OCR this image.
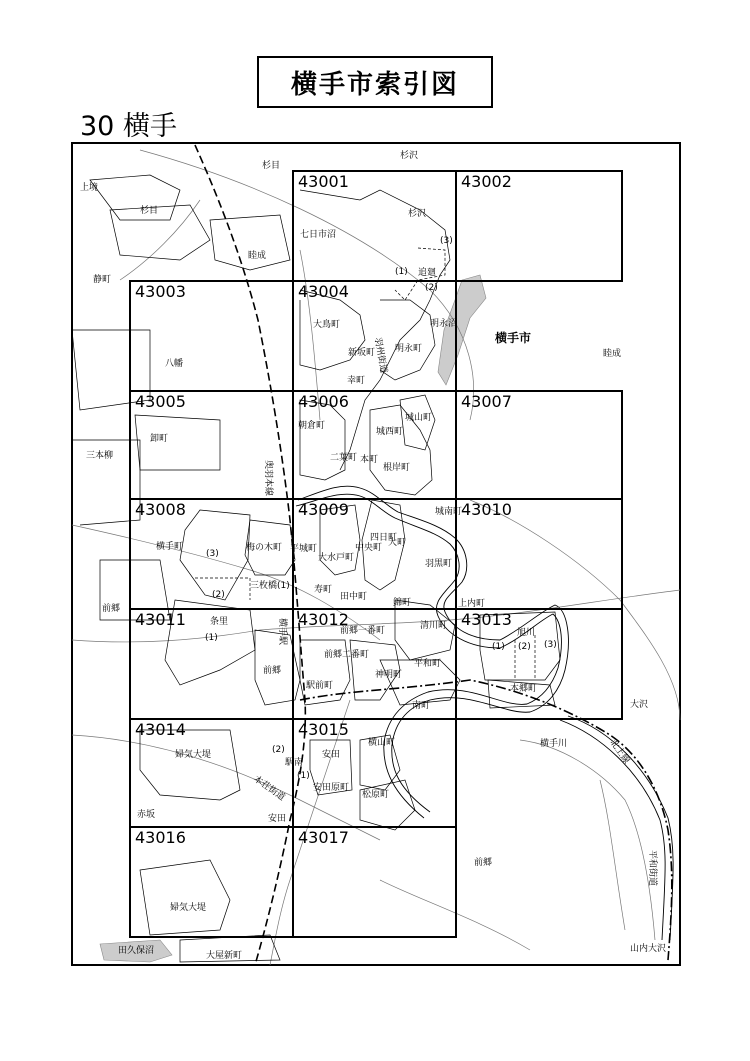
横手市索引図
30 横手
43001	43002
43003	43004
43005	43006	43007
43008	43009	43010
43011	43012	43013
43014	43015
43016	43017
横手市
杉沢
杉目
上境
杉目
睦成
静町
七日市沼
杉沢
追廻
(1)
(2)
(3)
明永沼
睦成
大鳥町
新坂町 明永町
羽州街道
幸町
八幡
朝倉町
城西町
城山町
本町
二葉町
根岸町
三本柳
卸町
奥羽本線
城南町
横手町	梅の木町 平城町
大水戸町
中央町
四日町
大町
羽黒町
(3)
三枚橋(1)	寿町
(2)	田中町
上内町
前郷
条里
(1)	横手駅	前郷一番町
錦町
清川町
旭川
(1) (2) (3)
前郷
前郷二番町
平和町
駅前町
神明町
本郷町
南町	大沢
婦気大堤	(2)
(1)
駅南
安田
横山町
本荘街道	安田原町
松原町
横手川	北上線
赤坂	安田
前郷
婦気大堤
平和街道
田久保沼	大屋新町
山内大沢
